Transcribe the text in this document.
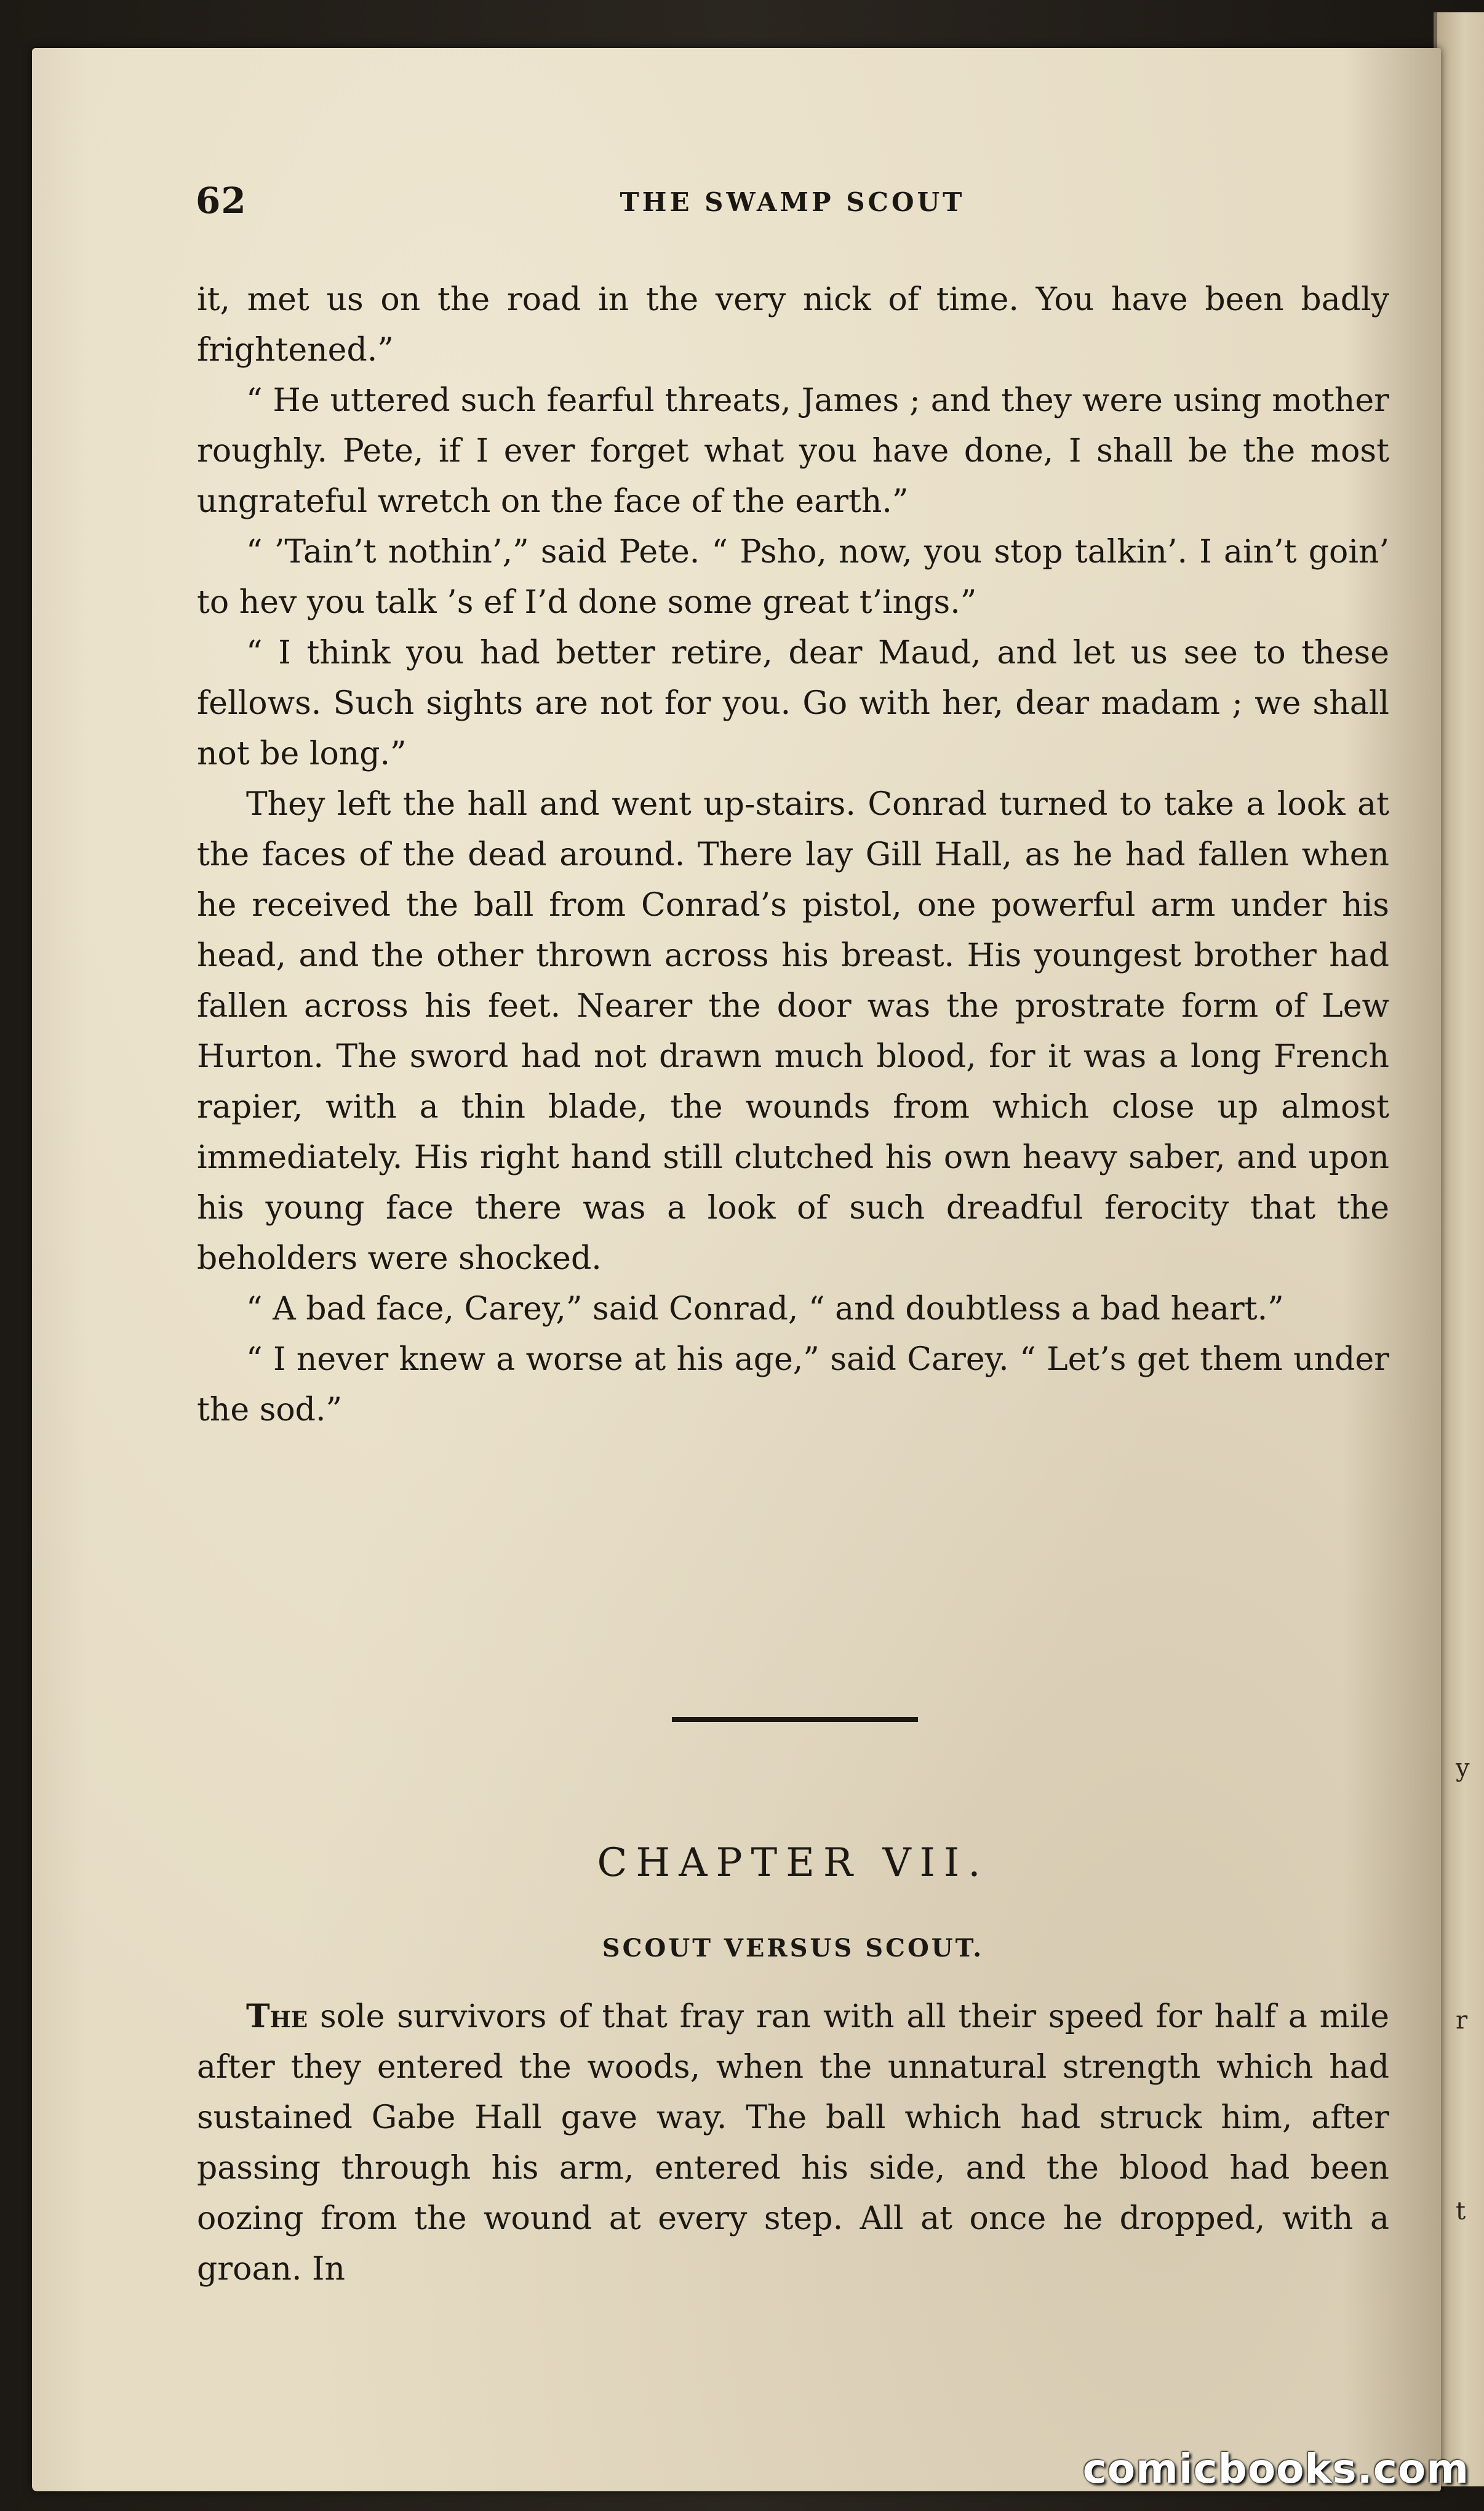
y
r
t
62	THE SWAMP SCOUT

it, met us on the road in the very nick of time. You have been badly frightened.”

“ He uttered such fearful threats, James ; and they were using mother roughly. Pete, if I ever forget what you have done, I shall be the most ungrateful wretch on the face of the earth.”

“ ’Tain’t nothin’,” said Pete. “ Psho, now, you stop talkin’. I ain’t goin’ to hev you talk ’s ef I’d done some great t’ings.”

“ I think you had better retire, dear Maud, and let us see to these fellows. Such sights are not for you. Go with her, dear madam ; we shall not be long.”

They left the hall and went up-stairs. Conrad turned to take a look at the faces of the dead around. There lay Gill Hall, as he had fallen when he received the ball from Conrad’s pistol, one powerful arm under his head, and the other thrown across his breast. His youngest brother had fallen across his feet. Nearer the door was the prostrate form of Lew Hurton. The sword had not drawn much blood, for it was a long French rapier, with a thin blade, the wounds from which close up almost immediately. His right hand still clutched his own heavy saber, and upon his young face there was a look of such dreadful ferocity that the beholders were shocked.

“ A bad face, Carey,” said Conrad, “ and doubtless a bad heart.”

“ I never knew a worse at his age,” said Carey. “ Let’s get them under the sod.”

CHAPTER VII.
SCOUT VERSUS SCOUT.

The sole survivors of that fray ran with all their speed for half a mile after they entered the woods, when the unnatural strength which had sustained Gabe Hall gave way. The ball which had struck him, after passing through his arm, entered his side, and the blood had been oozing from the wound at every step. All at once he dropped, with a groan. In

comicbooks.com
